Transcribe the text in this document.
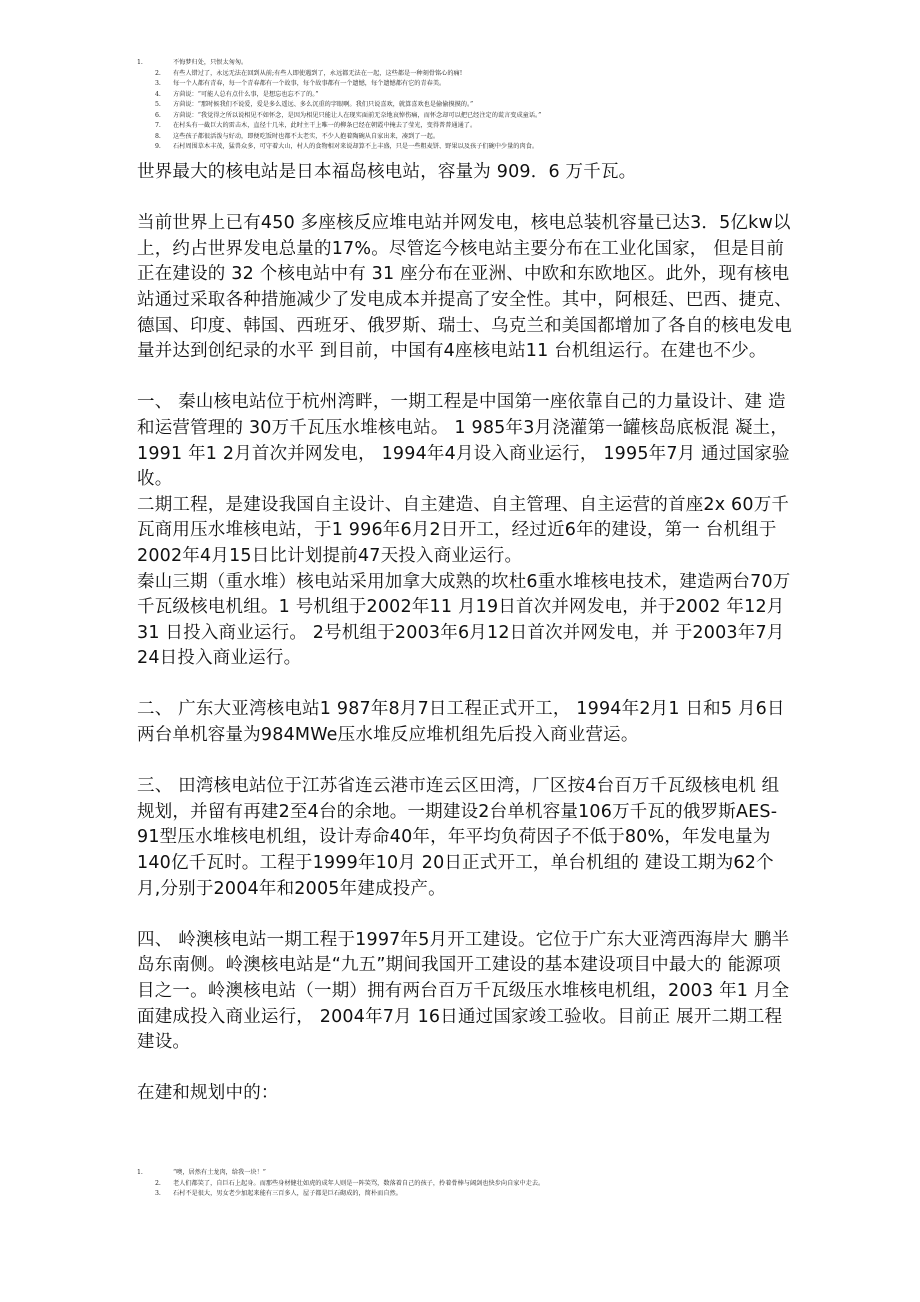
1.	不悔梦归处，只恨太匆匆。
2. 有些人错过了，永远无法在回到从前;有些人即使遇到了，永远都无法在一起，这些都是一种刻骨铭心的痛!
3. 每一个人都有青春，每一个青春都有一个故事，每个故事都有一个遗憾，每个遗憾都有它的青春美。
4. 方茴说：“可能人总有点什么事，是想忘也忘不了的。”
5. 方茴说：“那时候我们不说爱，爱是多么遥远、多么沉重的字眼啊。我们只说喜欢，就算喜欢也是偷偷摸摸的。”
6. 方茴说：“我觉得之所以说相见不如怀念，是因为相见只能让人在现实面前无奈地哀悼伤痛，而怀念却可以把已经注定的谎言变成童话。”
7. 在村头有一截巨大的雷击木，直径十几米，此时主干上唯一的柳条已经在朝霞中掩去了莹光，变得普普通通了。
8. 这些孩子都很活泼与好动，即便吃饭时也都不太老实，不少人抱着陶碗从自家出来，凑到了一起。
9. 石村周围草木丰茂，猛兽众多，可守着大山，村人的食物相对来说却算不上丰盛，只是一些粗麦饼、野果以及孩子们碗中少量的肉食。

世界最大的核电站是日本福岛核电站，容量为 909．6 万千瓦。

当前世界上已有450 多座核反应堆电站并网发电，核电总装机容量已达3．5亿kw以上，约占世界发电总量的17%。尽管迄今核电站主要分布在工业化国家， 但是目前正在建设的 32 个核电站中有 31 座分布在亚洲、中欧和东欧地区。此外，现有核电站通过采取各种措施减少了发电成本并提高了安全性。其中，阿根廷、巴西、捷克、德国、印度、韩国、西班牙、俄罗斯、瑞士、乌克兰和美国都增加了各自的核电发电量并达到创纪录的水平 到目前，中国有4座核电站11 台机组运行。在建也不少。

一、 秦山核电站位于杭州湾畔，一期工程是中国第一座依靠自己的力量设计、建 造和运营管理的 30万千瓦压水堆核电站。 1 985年3月浇灌第一罐核岛底板混 凝土， 1991 年1 2月首次并网发电， 1994年4月设入商业运行， 1995年7月 通过国家验收。

二期工程，是建设我国自主设计、自主建造、自主管理、自主运营的首座2x 60万千瓦商用压水堆核电站，于1 996年6月2日开工，经过近6年的建设，第一 台机组于2002年4月15日比计划提前47天投入商业运行。

秦山三期（重水堆）核电站采用加拿大成熟的坎杜6重水堆核电技术，建造两台70万千瓦级核电机组。1 号机组于2002年11 月19日首次并网发电，并于2002 年12月31 日投入商业运行。 2号机组于2003年6月12日首次并网发电，并 于2003年7月24日投入商业运行。

二、 广东大亚湾核电站1 987年8月7日工程正式开工， 1994年2月1 日和5 月6日两台单机容量为984MWe压水堆反应堆机组先后投入商业营运。

三、 田湾核电站位于江苏省连云港市连云区田湾，厂区按4台百万千瓦级核电机 组规划，并留有再建2至4台的余地。一期建设2台单机容量106万千瓦的俄罗斯AES-91型压水堆核电机组，设计寿命40年，年平均负荷因子不低于80%，年发电量为140亿千瓦时。工程于1999年10月 20日正式开工，单台机组的 建设工期为62个月,分别于2004年和2005年建成投产。

四、 岭澳核电站一期工程于1997年5月开工建设。它位于广东大亚湾西海岸大 鹏半岛东南侧。岭澳核电站是“九五”期间我国开工建设的基本建设项目中最大的 能源项目之一。岭澳核电站（一期）拥有两台百万千瓦级压水堆核电机组，2003 年1 月全面建成投入商业运行， 2004年7月 16日通过国家竣工验收。目前正 展开二期工程建设。

在建和规划中的：

1.	“噢，居然有土龙肉，给我一块！”
2. 老人们都笑了，自巨石上起身。而那些身材健壮如虎的成年人则是一阵笑骂，数落着自己的孩子，拎着骨棒与阔剑也快步向自家中走去。
3. 石村不是很大，男女老少加起来能有三百多人，屋子都是巨石砌成的，简朴而自然。
